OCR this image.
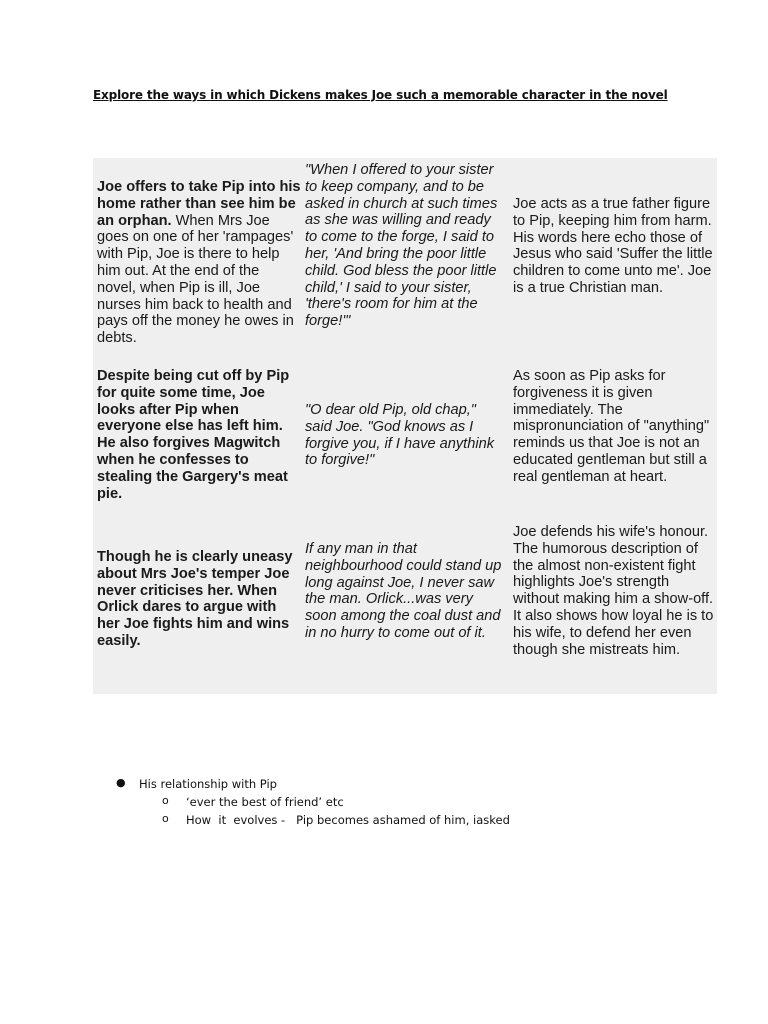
Explore the ways in which Dickens makes Joe such a memorable character in the novel
Joe offers to take Pip into his home rather than see him be an orphan. When Mrs Joe goes on one of her 'rampages' with Pip, Joe is there to help him out. At the end of the novel, when Pip is ill, Joe nurses him back to health and pays off the money he owes in debts.
"When I offered to your sister to keep company, and to be asked in church at such times as she was willing and ready to come to the forge, I said to her, 'And bring the poor little child. God bless the poor little child,' I said to your sister, 'there's room for him at the forge!'"
Joe acts as a true father figure to Pip, keeping him from harm. His words here echo those of Jesus who said 'Suffer the little children to come unto me'. Joe is a true Christian man.
Despite being cut off by Pip for quite some time, Joe looks after Pip when everyone else has left him. He also forgives Magwitch when he confesses to stealing the Gargery's meat pie.
"O dear old Pip, old chap," said Joe. "God knows as I forgive you, if I have anythink to forgive!"
As soon as Pip asks for forgiveness it is given immediately. The mispronunciation of "anything" reminds us that Joe is not an educated gentleman but still a real gentleman at heart.
Though he is clearly uneasy about Mrs Joe's temper Joe never criticises her. When Orlick dares to argue with her Joe fights him and wins easily.
If any man in that neighbourhood could stand up long against Joe, I never saw the man. Orlick...was very soon among the coal dust and in no hurry to come out of it.
Joe defends his wife's honour. The humorous description of the almost non-existent fight highlights Joe's strength without making him a show-off. It also shows how loyal he is to his wife, to defend her even though she mistreats him.
● His relationship with Pip
o ‘ever the best of friend’ etc
o How  it  evolves -   Pip becomes ashamed of him, iasked
